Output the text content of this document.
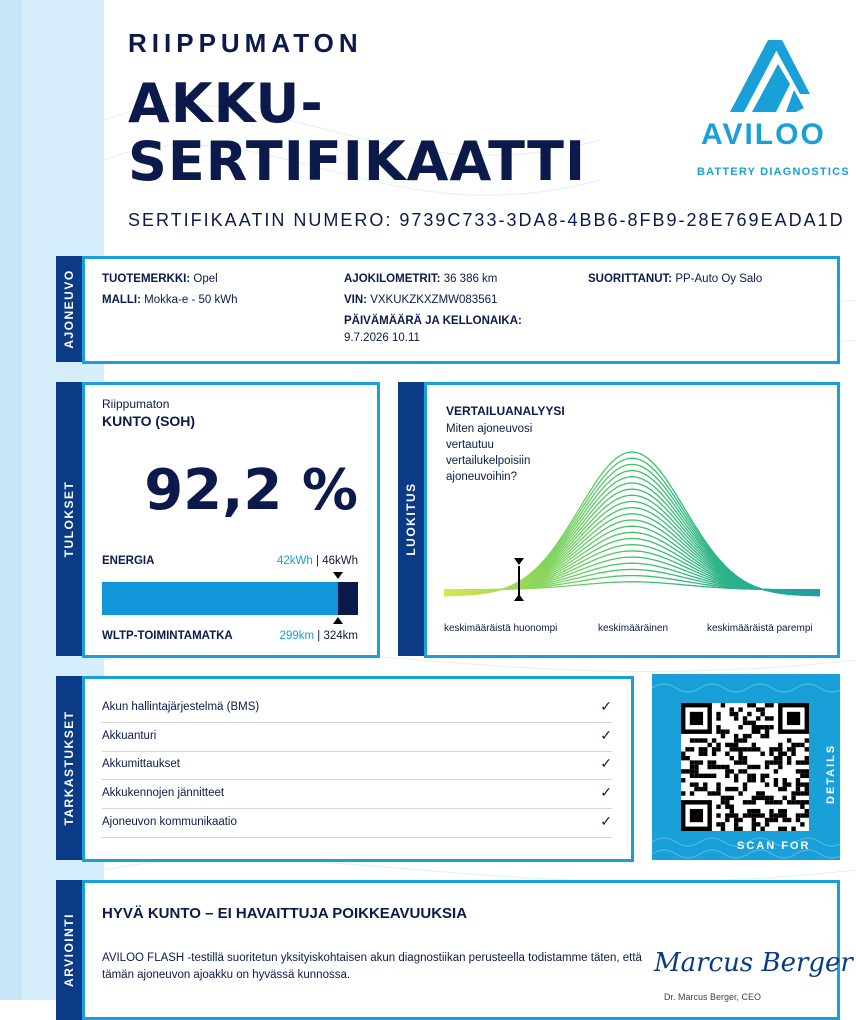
RIIPPUMATON
AKKU-
SERTIFIKAATTI
SERTIFIKAATIN NUMERO: 9739C733-3DA8-4BB6-8FB9-28E769EADA1D
AVILOO
BATTERY DIAGNOSTICS
AJONEUVO TUOTEMERKKI: Opel
MALLI: Mokka-e - 50 kWh
AJOKILOMETRIT: 36 386 km
VIN: VXKUKZKXZMW083561
PÄIVÄMÄÄRÄ JA KELLONAIKA:
9.7.2026 10.11
SUORITTANUT: PP-Auto Oy Salo
TULOKSET
Riippumaton
KUNTO (SOH)
92,2 %
ENERGIA	42kWh | 46kWh
WLTP-TOIMINTAMATKA	299km | 324km
LUOKITUS
VERTAILUANALYYSI
Miten ajoneuvosi vertautuu vertailukelpoisiin ajoneuvoihin?
keskimääräistä huonompi	keskimääräinen	keskimääräistä parempi
TARKASTUKSET
Akun hallintajärjestelmä (BMS)	✓
Akkuanturi	✓
Akkumittaukset	✓
Akkukennojen jännitteet	✓
Ajoneuvon kommunikaatio	✓
SCAN FOR
DETAILS
ARVIOINTI HYVÄ KUNTO – EI HAVAITTUJA POIKKEAVUUKSIA
AVILOO FLASH -testillä suoritetun yksityiskohtaisen akun diagnostiikan perusteella todistamme täten, että tämän ajoneuvon ajoakku on hyvässä kunnossa.	Marcus Berger
Dr. Marcus Berger, CEO
